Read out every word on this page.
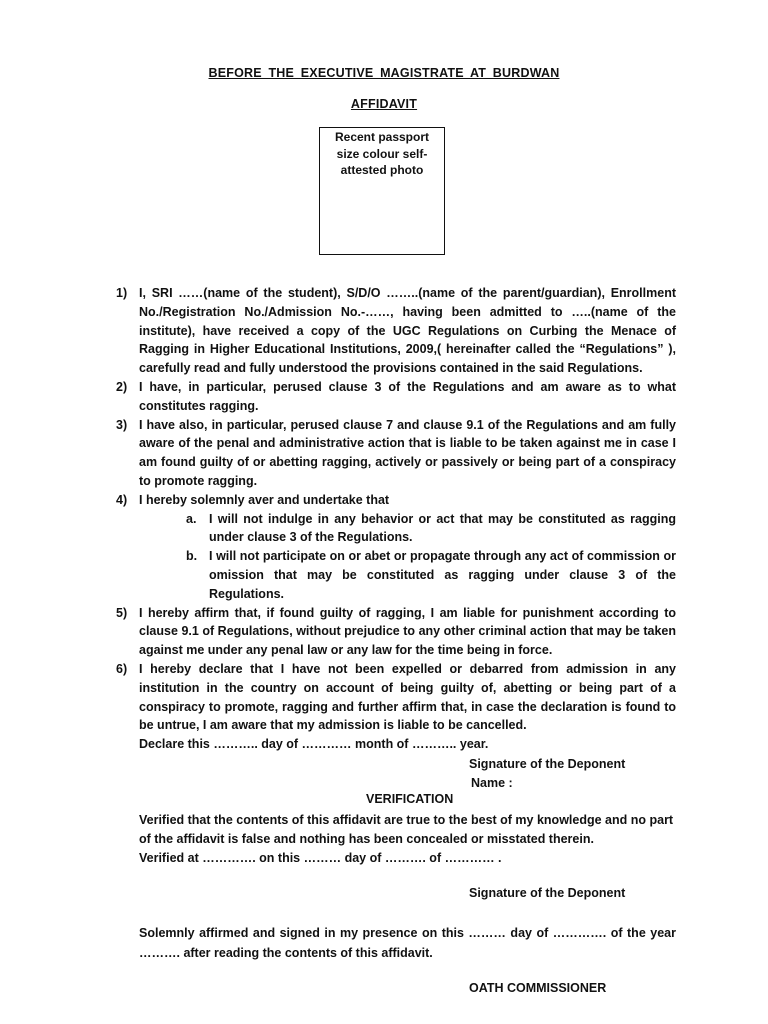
BEFORE THE EXECUTIVE MAGISTRATE AT BURDWAN
AFFIDAVIT
Recent passport size colour self-attested photo
1) I, SRI ……(name of the student), S/D/O ……..(name of the parent/guardian), Enrollment No./Registration No./Admission No.-……, having been admitted to …..(name of the institute), have received a copy of the UGC Regulations on Curbing the Menace of Ragging in Higher Educational Institutions, 2009,( hereinafter called the “Regulations” ), carefully read and fully understood the provisions contained in the said Regulations.
2) I have, in particular, perused clause 3 of the Regulations and am aware as to what constitutes ragging.
3) I have also, in particular, perused clause 7 and clause 9.1 of the Regulations and am fully aware of the penal and administrative action that is liable to be taken against me in case I am found guilty of or abetting ragging, actively or passively or being part of a conspiracy to promote ragging.
4) I hereby solemnly aver and undertake that
a. I will not indulge in any behavior or act that may be constituted as ragging under clause 3 of the Regulations.
b. I will not participate on or abet or propagate through any act of commission or omission that may be constituted as ragging under clause 3 of the Regulations.
5) I hereby affirm that, if found guilty of ragging, I am liable for punishment according to clause 9.1 of Regulations, without prejudice to any other criminal action that may be taken against me under any penal law or any law for the time being in force.
6) I hereby declare that I have not been expelled or debarred from admission in any institution in the country on account of being guilty of, abetting or being part of a conspiracy to promote, ragging and further affirm that, in case the declaration is found to be untrue, I am aware that my admission is liable to be cancelled.
Declare this ……….. day of ………… month of ……….. year.
Signature of the Deponent
Name :
VERIFICATION
Verified that the contents of this affidavit are true to the best of my knowledge and no part of the affidavit is false and nothing has been concealed or misstated therein.
Verified at …………. on this ……… day of ………. of ………… .
Signature of the Deponent
Solemnly affirmed and signed in my presence on this ……… day of …………. of the year ………. after reading the contents of this affidavit.
OATH COMMISSIONER
